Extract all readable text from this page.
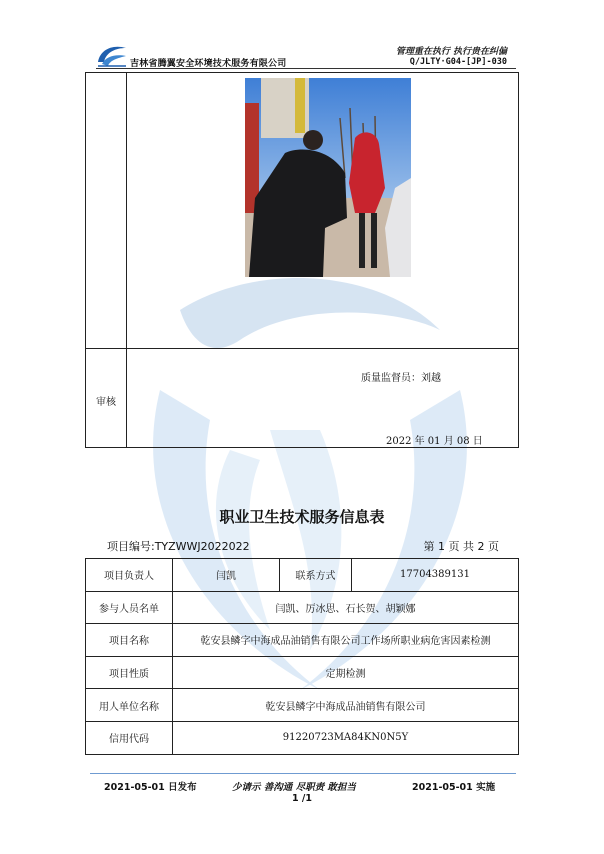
吉林省腾翼安全环境技术服务有限公司
管理重在执行 执行贵在纠偏
Q/JLTY·G04-[JP]-030
审核
质量监督员：刘越
2022 年 01 月 08 日
职业卫生技术服务信息表
项目编号:TYZWWJ2022022	第 1 页 共 2 页
项目负责人	闫凯	联系方式	17704389131
参与人员名单	闫凯、厉冰思、石长贺、胡颖娜		
项目名称	乾安县鳞字中海成品油销售有限公司工作场所职业病危害因素检测		
项目性质	定期检测		
用人单位名称	乾安县鳞字中海成品油销售有限公司		
信用代码	91220723MA84KN0N5Y		
2021-05-01 日发布	少请示 善沟通 尽职责 敢担当	2021-05-01 实施
1 /1
